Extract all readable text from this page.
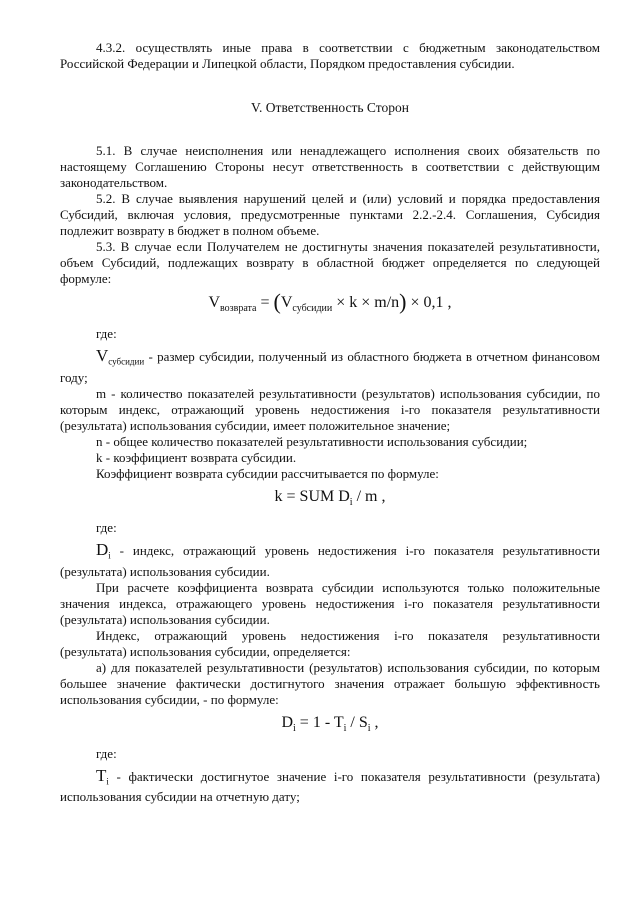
4.3.2. осуществлять иные права в соответствии с бюджетным законодательством Российской Федерации и Липецкой области, Порядком предоставления субсидии.

V. Ответственность Сторон

5.1. В случае неисполнения или ненадлежащего исполнения своих обязательств по настоящему Соглашению Стороны несут ответственность в соответствии с действующим законодательством.

5.2. В случае выявления нарушений целей и (или) условий и порядка предоставления Субсидий, включая условия, предусмотренные пунктами 2.2.-2.4. Соглашения, Субсидия подлежит возврату в бюджет в полном объеме.

5.3. В случае если Получателем не достигнуты значения показателей результативности, объем Субсидий, подлежащих возврату в областной бюджет определяется по следующей формуле:

$V_{возврата} = (V_{субсидии} \times k \times m/n) \times 0,1$ ,
где:

$V_{субсидии}$ - размер субсидии, полученный из областного бюджета в отчетном финансовом году;

m - количество показателей результативности (результатов) использования субсидии, по которым индекс, отражающий уровень недостижения i-го показателя результативности (результата) использования субсидии, имеет положительное значение;

n - общее количество показателей результативности использования субсидии;

k - коэффициент возврата субсидии.

Коэффициент возврата субсидии рассчитывается по формуле:

k = SUM $D_i$ / m ,
где:

$D_i$ - индекс, отражающий уровень недостижения i-го показателя результативности (результата) использования субсидии.

При расчете коэффициента возврата субсидии используются только положительные значения индекса, отражающего уровень недостижения i-го показателя результативности (результата) использования субсидии.

Индекс, отражающий уровень недостижения i-го показателя результативности (результата) использования субсидии, определяется:

а) для показателей результативности (результатов) использования субсидии, по которым большее значение фактически достигнутого значения отражает большую эффективность использования субсидии, - по формуле:

$D_i = 1 - T_i / S_i$ ,
где:

$T_i$ - фактически достигнутое значение i-го показателя результативности (результата) использования субсидии на отчетную дату;
